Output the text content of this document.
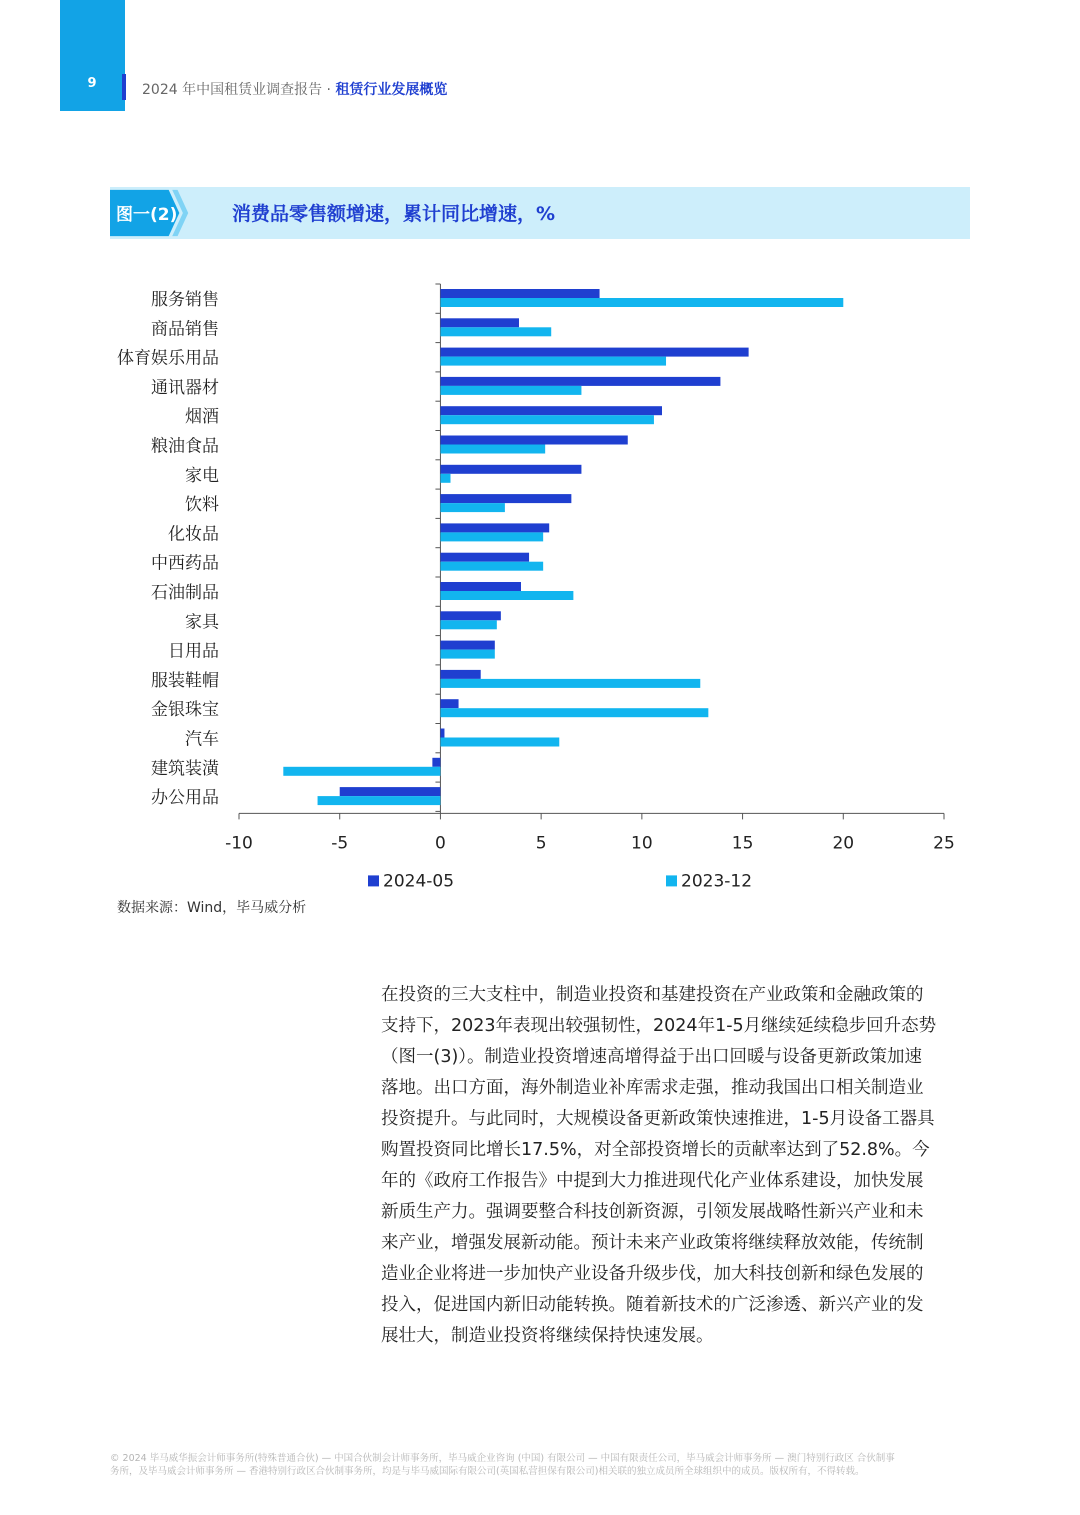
9	2024 年中国租赁业调查报告 · 租赁行业发展概览
图一(2)	消费品零售额增速，累计同比增速，%
-10	-5	0	5	10	15	20	25
服务销售
商品销售
体育娱乐用品
通讯器材
烟酒
粮油食品
家电
饮料
化妆品
中西药品
石油制品
家具
日用品
服装鞋帽
金银珠宝
汽车
建筑装潢
办公用品
2024-05	2023-12
数据来源：Wind，毕马威分析

在投资的三大支柱中，制造业投资和基建投资在产业政策和金融政策的

支持下，2023年表现出较强韧性，2024年1-5月继续延续稳步回升态势

（图一(3)）。制造业投资增速高增得益于出口回暖与设备更新政策加速

落地。出口方面，海外制造业补库需求走强，推动我国出口相关制造业

投资提升。与此同时，大规模设备更新政策快速推进，1-5月设备工器具

购置投资同比增长17.5%，对全部投资增长的贡献率达到了52.8%。今

年的《政府工作报告》中提到大力推进现代化产业体系建设，加快发展

新质生产力。强调要整合科技创新资源，引领发展战略性新兴产业和未

来产业，增强发展新动能。预计未来产业政策将继续释放效能，传统制

造业企业将进一步加快产业设备升级步伐，加大科技创新和绿色发展的

投入，促进国内新旧动能转换。随着新技术的广泛渗透、新兴产业的发

展壮大，制造业投资将继续保持快速发展。

© 2024 毕马威华振会计师事务所(特殊普通合伙) — 中国合伙制会计师事务所，毕马威企业咨询 (中国) 有限公司 — 中国有限责任公司，毕马威会计师事务所 — 澳门特别行政区 合伙制事

务所，及毕马威会计师事务所 — 香港特别行政区合伙制事务所，均是与毕马威国际有限公司(英国私营担保有限公司)相关联的独立成员所全球组织中的成员。版权所有，不得转载。
